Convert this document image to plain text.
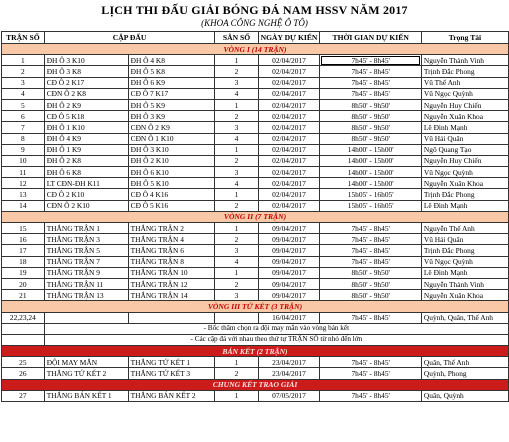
LỊCH THI ĐẤU GIẢI BÓNG ĐÁ NAM HSSV NĂM 2017
(KHOA CÔNG NGHỆ Ô TÔ)
TRẬN SỐ	CẶP ĐẤU		SÂN SỐ	NGÀY DỰ KIẾN	THỜI GIAN DỰ KIẾN	Trọng Tài
VÒNG I (14 TRẬN)						
1	ĐH Ô 3 K10	ĐH Ô 4 K8	1	02/04/2017	7h45' - 8h45'	Nguyễn Thành Vinh
2	ĐH Ô 3 K8	ĐH Ô 5 K8	2	02/04/2017	7h45' - 8h45'	Trịnh Đắc Phong
3	CĐ Ô 2 K17	ĐH Ô 6 K9	3	02/04/2017	7h45' - 8h45'	Vũ Thế Anh
4	CĐN Ô 2 K8	CĐ Ô 7 K17	4	02/04/2017	7h45' - 8h45'	Vũ Ngọc Quỳnh
5	ĐH Ô 2 K9	ĐH Ô 5 K9	1	02/04/2017	8h50' - 9h50'	Nguyễn Huy Chiến
6	CĐ Ô 5 K18	ĐH Ô 3 K9	2	02/04/2017	8h50' - 9h50'	Nguyễn Xuân Khoa
7	ĐH Ô 1 K10	CĐN Ô 2 K9	3	02/04/2017	8h50' - 9h50'	Lê Đình Mạnh
8	ĐH Ô 4 K9	CĐN Ô 1 K10	4	02/04/2017	8h50' - 9h50'	Vũ Hải Quân
9	ĐH Ô 1 K9	ĐH Ô 3 K10	1	02/04/2017	14h00' - 15h00'	Ngô Quang Tạo
10	ĐH Ô 2 K8	ĐH Ô 2 K10	2	02/04/2017	14h00' - 15h00'	Nguyễn Huy Chiến
11	ĐH Ô 6 K8	ĐH Ô 6 K10	3	02/04/2017	14h00' - 15h00'	Vũ Ngọc Quỳnh
12	LT CĐN-ĐH K11	ĐH Ô 5 K10	4	02/04/2017	14h00' - 15h00'	Nguyễn Xuân Khoa
13	CĐ Ô 2 K10	CĐ Ô 4 K16	1	02/04/2017	15h05' - 16h05'	Trịnh Đắc Phong
14	CĐN Ô 2 K10	CĐ Ô 5 K16	2	02/04/2017	15h05' - 16h05'	Lê Đình Mạnh
VÒNG II (7 TRẬN)						
15	THẮNG TRẬN 1	THẮNG TRẬN 2	1	09/04/2017	7h45' - 8h45'	Nguyễn Thế Anh
16	THẮNG TRẬN 3	THẮNG TRẬN 4	2	09/04/2017	7h45' - 8h45'	Vũ Hải Quân
17	THẮNG TRẬN 5	THẮNG TRẬN 6	3	09/04/2017	7h45' - 8h45'	Trịnh Đắc Phong
18	THẮNG TRẬN 7	THẮNG TRẬN 8	4	09/04/2017	7h45' - 8h45'	Vũ Ngọc Quỳnh
19	THẮNG TRẬN 9	THẮNG TRẬN 10	1	09/04/2017	8h50' - 9h50'	Lê Đình Mạnh
20	THẮNG TRẬN 11	THẮNG TRẬN 12	2	09/04/2017	8h50' - 9h50'	Nguyễn Thành Vinh
21	THẮNG TRẬN 13	THẮNG TRẬN 14	3	09/04/2017	8h50' - 9h50'	Nguyễn Xuân Khoa
VÒNG III TỨ KẾT (3 TRẬN)						
22,23,24				16/04/2017	7h45' - 8h45'	Quỳnh, Quân, Thế Anh
	- Bốc thăm chọn ra đội may mắn vào vòng bán kết					
	- Các cặp đá với nhau theo thứ tự TRẬN SỐ từ nhỏ đến lớn					
BÁN KẾT (2 TRẬN)						
25	ĐỘI MAY MẮN	THẮNG TỨ KẾT 1	1	23/04/2017	7h45' - 8h45'	Quân, Thế Anh
26	THẮNG TỨ KẾT 2	THẮNG TỨ KẾT 3	2	23/04/2017	7h45' - 8h45'	Quỳnh, Phong
CHUNG KẾT TRAO GIẢI						
27	THẮNG BÁN KẾT 1	THẮNG BÁN KẾT 2	1	07/05/2017	7h45' - 8h45'	Quân, Quỳnh
